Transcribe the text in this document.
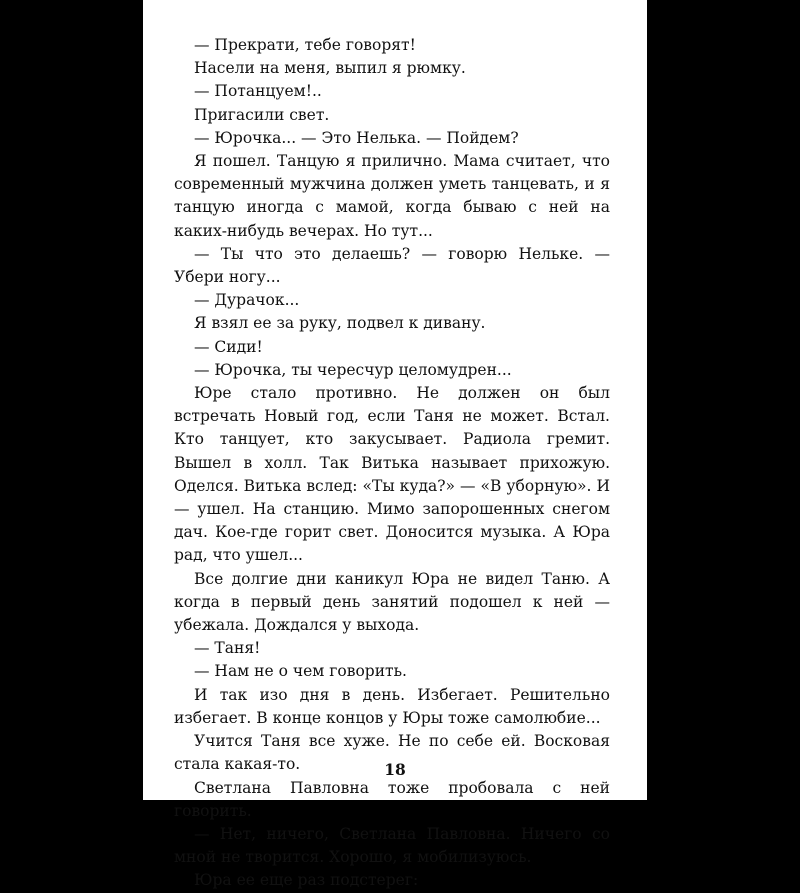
— Прекрати, тебе говорят!

Насели на меня, выпил я рюмку.

— Потанцуем!..

Пригасили свет.

— Юрочка... — Это Нелька. — Пойдем?

Я пошел. Танцую я прилично. Мама считает, что современный мужчина должен уметь танцевать, и я танцую иногда с мамой, когда бываю с ней на каких-нибудь вечерах. Но тут...

— Ты что это делаешь? — говорю Нельке. — Убери ногу...

— Дурачок...

Я взял ее за руку, подвел к дивану.

— Сиди!

— Юрочка, ты чересчур целомудрен...

Юре стало противно. Не должен он был встречать Новый год, если Таня не может. Встал. Кто танцует, кто закусывает. Радиола гремит. Вышел в холл. Так Витька называет прихожую. Оделся. Витька вслед: «Ты куда?» — «В уборную». И — ушел. На станцию. Мимо запорошенных снегом дач. Кое-где горит свет. Доносится музыка. А Юра рад, что ушел...

Все долгие дни каникул Юра не видел Таню. А когда в первый день занятий подошел к ней — убежала. Дождался у выхода.

— Таня!

— Нам не о чем говорить.

И так изо дня в день. Избегает. Решительно избегает. В конце концов у Юры тоже самолюбие...

Учится Таня все хуже. Не по себе ей. Восковая стала какая-то.

Светлана Павловна тоже пробовала с ней говорить.

— Нет, ничего, Светлана Павловна. Ничего со мной не творится. Хорошо, я мобилизуюсь.

Юра ее еще раз подстерег:

18
